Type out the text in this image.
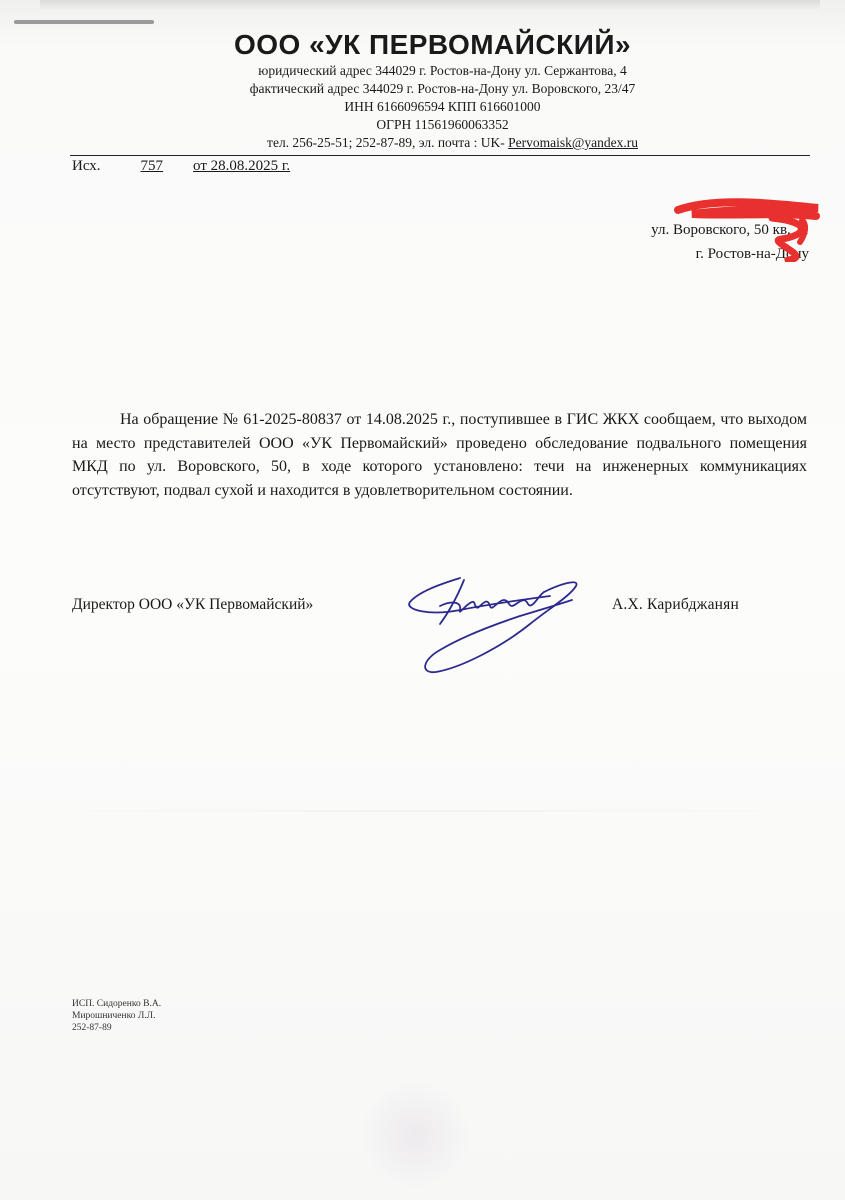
ООО «УК ПЕРВОМАЙСКИЙ»
юридический адрес 344029 г. Ростов-на-Дону ул. Сержантова, 4
фактический адрес 344029 г. Ростов-на-Дону ул. Воровского, 23/47
ИНН 6166096594 КПП 616601000
ОГРН 11561960063352
тел. 256-25-51; 252-87-89, эл. почта : UK- Pervomaisk@yandex.ru
Исх.	757 от 28.08.2025 г.
ул. Воровского, 50 кв. 11
г. Ростов-на-Дону
На обращение № 61-2025-80837 от 14.08.2025 г., поступившее в ГИС ЖКХ сообщаем, что выходом на место представителей ООО «УК Первомайский» проведено обследование подвального помещения МКД по ул. Воровского, 50, в ходе которого установлено: течи на инженерных коммуникациях отсутствуют, подвал сухой и находится в удовлетворительном состоянии.
Директор ООО «УК Первомайский»	А.Х. Карибджанян
ИСП. Сидоренко В.А.
Мирошниченко Л.Л.
252-87-89
